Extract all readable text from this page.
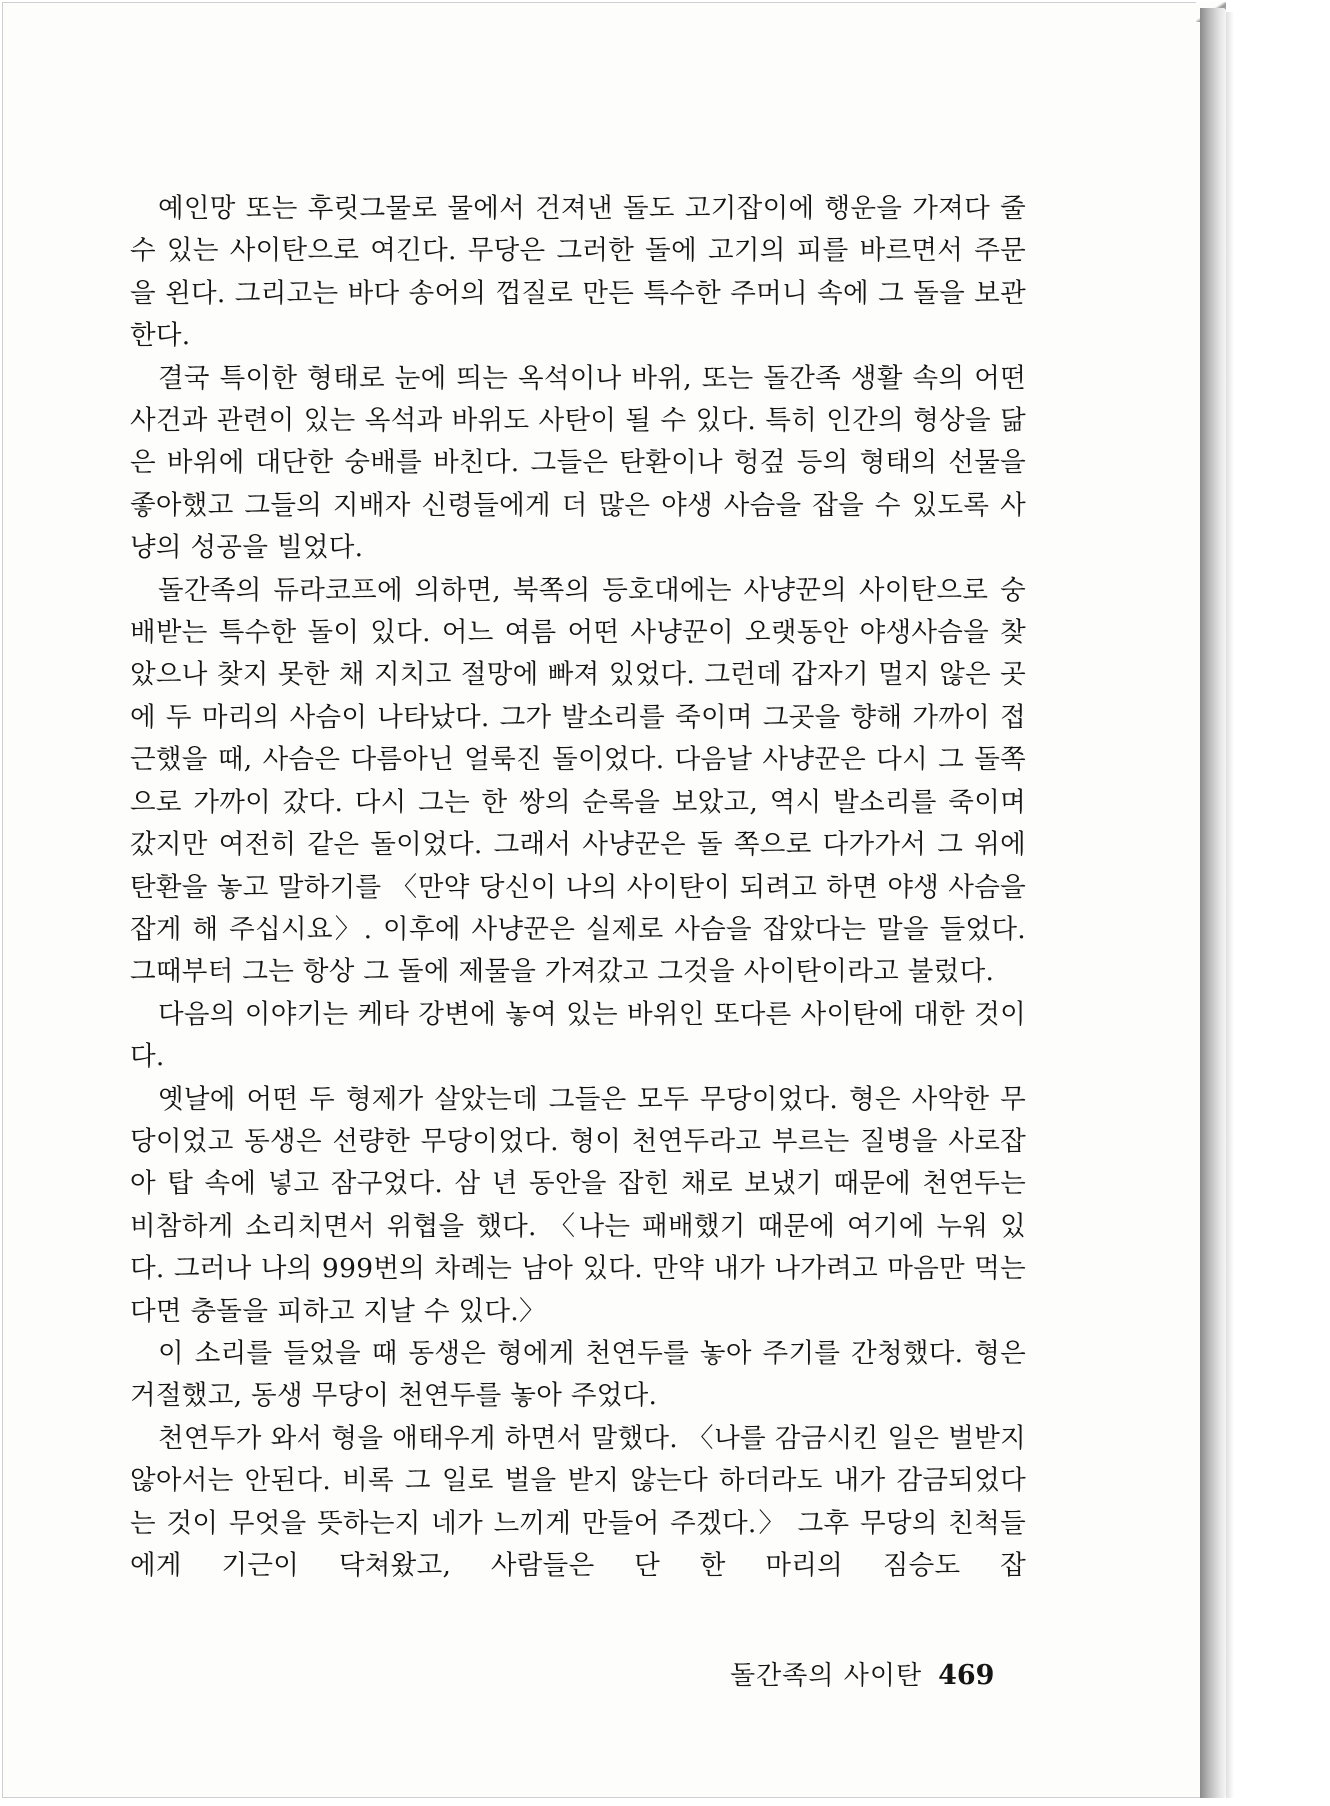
예인망 또는 후릿그물로 물에서 건져낸 돌도 고기잡이에 행운을 가져다 줄 수 있는 사이탄으로 여긴다. 무당은 그러한 돌에 고기의 피를 바르면서 주문을 왼다. 그리고는 바다 송어의 껍질로 만든 특수한 주머니 속에 그 돌을 보관한다.

결국 특이한 형태로 눈에 띄는 옥석이나 바위, 또는 돌간족 생활 속의 어떤 사건과 관련이 있는 옥석과 바위도 사탄이 될 수 있다. 특히 인간의 형상을 닮은 바위에 대단한 숭배를 바친다. 그들은 탄환이나 헝겊 등의 형태의 선물을 좋아했고 그들의 지배자 신령들에게 더 많은 야생 사슴을 잡을 수 있도록 사냥의 성공을 빌었다.

돌간족의 듀라코프에 의하면, 북쪽의 등호대에는 사냥꾼의 사이탄으로 숭배받는 특수한 돌이 있다. 어느 여름 어떤 사냥꾼이 오랫동안 야생사슴을 찾았으나 찾지 못한 채 지치고 절망에 빠져 있었다. 그런데 갑자기 멀지 않은 곳에 두 마리의 사슴이 나타났다. 그가 발소리를 죽이며 그곳을 향해 가까이 접근했을 때, 사슴은 다름아닌 얼룩진 돌이었다. 다음날 사냥꾼은 다시 그 돌쪽으로 가까이 갔다. 다시 그는 한 쌍의 순록을 보았고, 역시 발소리를 죽이며 갔지만 여전히 같은 돌이었다. 그래서 사냥꾼은 돌 쪽으로 다가가서 그 위에 탄환을 놓고 말하기를 〈만약 당신이 나의 사이탄이 되려고 하면 야생 사슴을 잡게 해 주십시요〉. 이후에 사냥꾼은 실제로 사슴을 잡았다는 말을 들었다. 그때부터 그는 항상 그 돌에 제물을 가져갔고 그것을 사이탄이라고 불렀다.

다음의 이야기는 케타 강변에 놓여 있는 바위인 또다른 사이탄에 대한 것이다.

옛날에 어떤 두 형제가 살았는데 그들은 모두 무당이었다. 형은 사악한 무당이었고 동생은 선량한 무당이었다. 형이 천연두라고 부르는 질병을 사로잡아 탑 속에 넣고 잠구었다. 삼 년 동안을 잡힌 채로 보냈기 때문에 천연두는 비참하게 소리치면서 위협을 했다. 〈나는 패배했기 때문에 여기에 누워 있다. 그러나 나의 999번의 차례는 남아 있다. 만약 내가 나가려고 마음만 먹는다면 충돌을 피하고 지날 수 있다.〉

이 소리를 들었을 때 동생은 형에게 천연두를 놓아 주기를 간청했다. 형은 거절했고, 동생 무당이 천연두를 놓아 주었다.

천연두가 와서 형을 애태우게 하면서 말했다. 〈나를 감금시킨 일은 벌받지 않아서는 안된다. 비록 그 일로 벌을 받지 않는다 하더라도 내가 감금되었다는 것이 무엇을 뜻하는지 네가 느끼게 만들어 주겠다.〉 그후 무당의 친척들에게 기근이 닥쳐왔고, 사람들은 단 한 마리의 짐승도 잡

돌간족의 사이탄 469
